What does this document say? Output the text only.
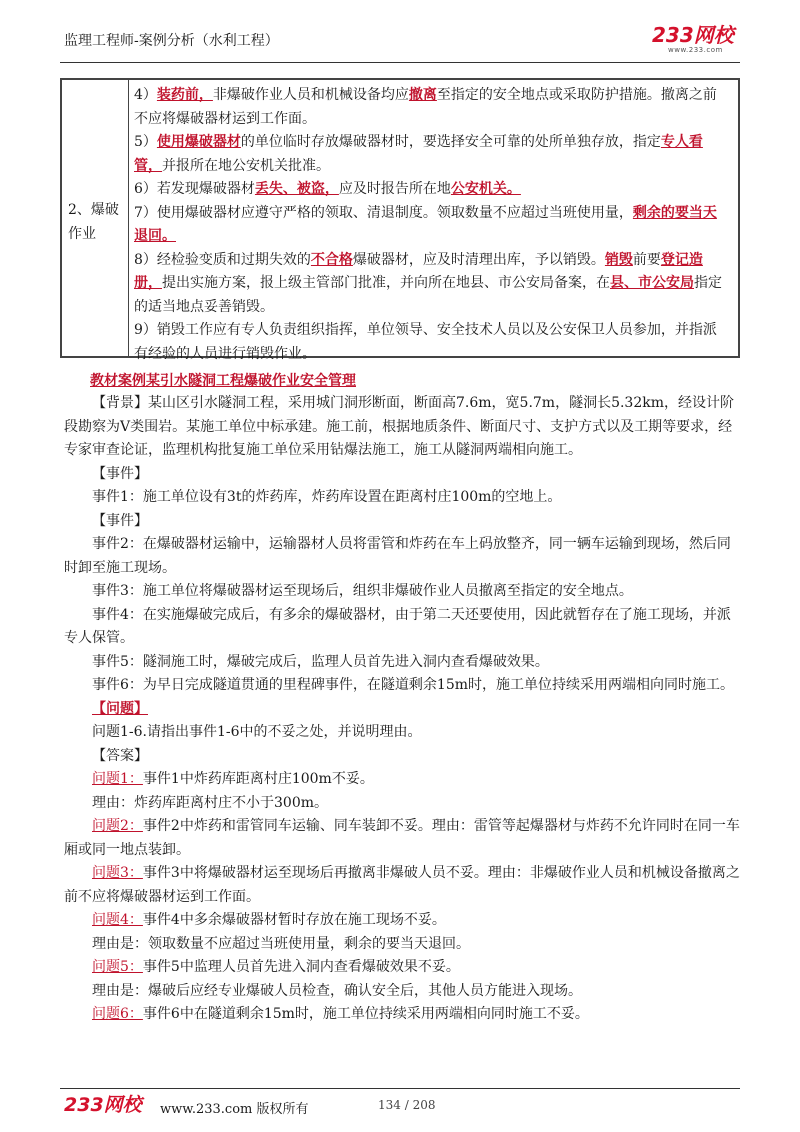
监理工程师-案例分析（水利工程）	233网校
www.233.com
2、爆破作业

4）装药前，非爆破作业人员和机械设备均应撤离至指定的安全地点或采取防护措施。撤离之前不应将爆破器材运到工作面。

5）使用爆破器材的单位临时存放爆破器材时，要选择安全可靠的处所单独存放，指定专人看管，并报所在地公安机关批准。

6）若发现爆破器材丢失、被盗，应及时报告所在地公安机关。

7）使用爆破器材应遵守严格的领取、清退制度。领取数量不应超过当班使用量，剩余的要当天退回。

8）经检验变质和过期失效的不合格爆破器材，应及时清理出库，予以销毁。销毁前要登记造册，提出实施方案，报上级主管部门批准，并向所在地县、市公安局备案，在县、市公安局指定的适当地点妥善销毁。

9）销毁工作应有专人负责组织指挥，单位领导、安全技术人员以及公安保卫人员参加，并指派有经验的人员进行销毁作业。

教材案例某引水隧洞工程爆破作业安全管理

【背景】某山区引水隧洞工程，采用城门洞形断面，断面高7.6m，宽5.7m，隧洞长5.32km，经设计阶段勘察为V类围岩。某施工单位中标承建。施工前，根据地质条件、断面尺寸、支护方式以及工期等要求，经专家审查论证，监理机构批复施工单位采用钻爆法施工，施工从隧洞两端相向施工。

【事件】

事件1：施工单位设有3t的炸药库，炸药库设置在距离村庄100m的空地上。

【事件】

事件2：在爆破器材运输中，运输器材人员将雷管和炸药在车上码放整齐，同一辆车运输到现场，然后同时卸至施工现场。

事件3：施工单位将爆破器材运至现场后，组织非爆破作业人员撤离至指定的安全地点。

事件4：在实施爆破完成后，有多余的爆破器材，由于第二天还要使用，因此就暂存在了施工现场，并派专人保管。

事件5：隧洞施工时，爆破完成后，监理人员首先进入洞内查看爆破效果。

事件6：为早日完成隧道贯通的里程碑事件，在隧道剩余15m时，施工单位持续采用两端相向同时施工。

【问题】

问题1-6.请指出事件1-6中的不妥之处，并说明理由。

【答案】

问题1：事件1中炸药库距离村庄100m不妥。

理由：炸药库距离村庄不小于300m。

问题2：事件2中炸药和雷管同车运输、同车装卸不妥。理由：雷管等起爆器材与炸药不允许同时在同一车厢或同一地点装卸。

问题3：事件3中将爆破器材运至现场后再撤离非爆破人员不妥。理由：非爆破作业人员和机械设备撤离之前不应将爆破器材运到工作面。

问题4：事件4中多余爆破器材暂时存放在施工现场不妥。

理由是：领取数量不应超过当班使用量，剩余的要当天退回。

问题5：事件5中监理人员首先进入洞内查看爆破效果不妥。

理由是：爆破后应经专业爆破人员检查，确认安全后，其他人员方能进入现场。

问题6：事件6中在隧道剩余15m时，施工单位持续采用两端相向同时施工不妥。

233网校 www.233.com 版权所有	134 / 208
